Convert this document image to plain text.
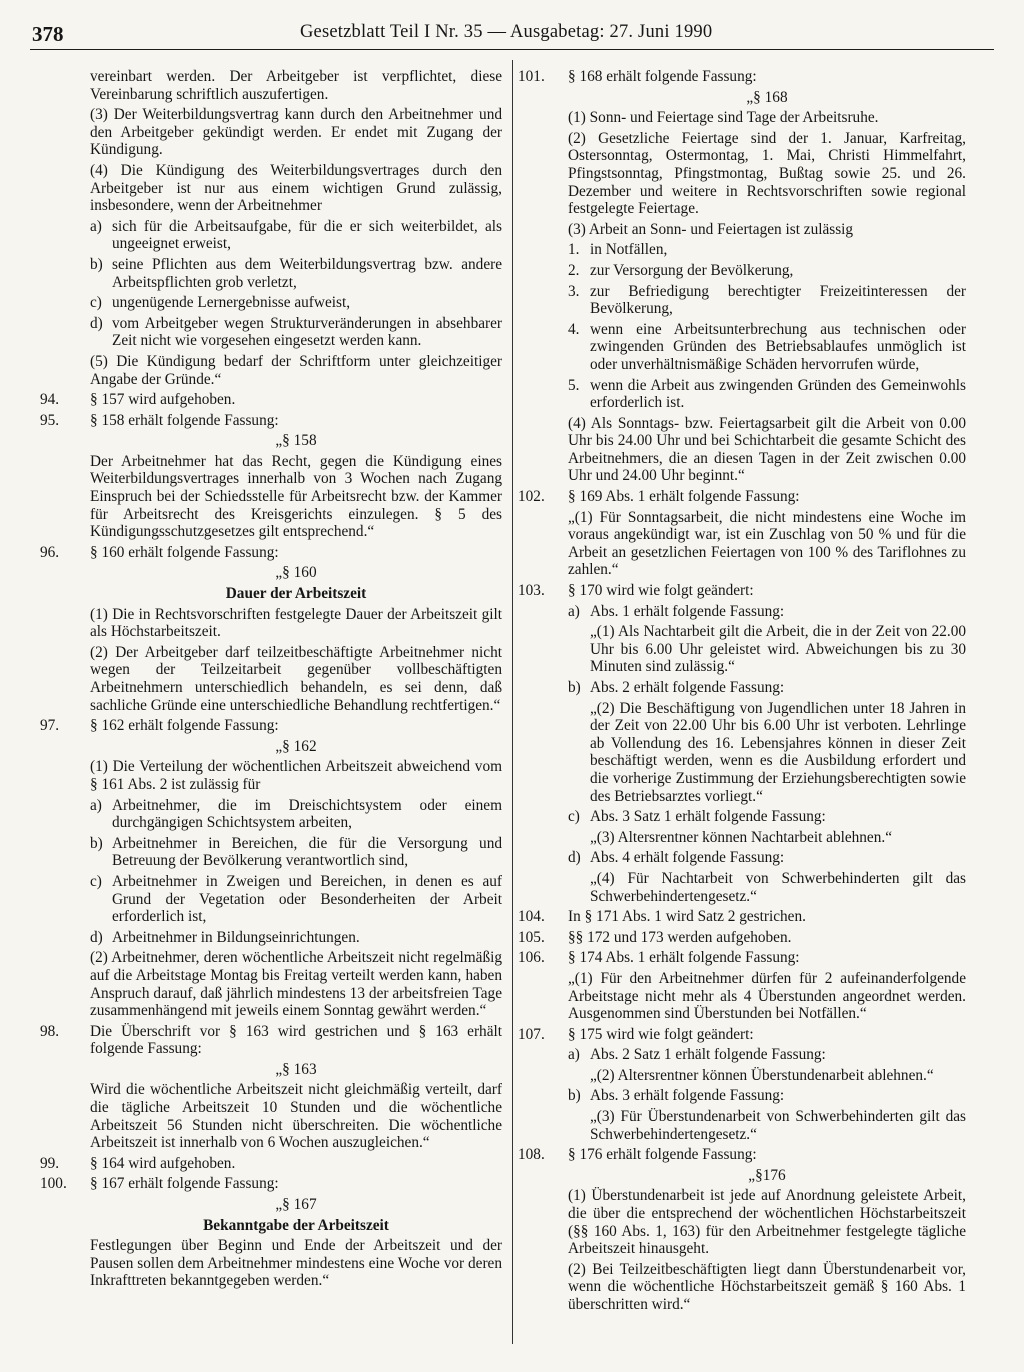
378	Gesetzblatt Teil I Nr. 35 — Ausgabetag: 27. Juni 1990

vereinbart werden. Der Arbeitgeber ist verpflichtet, diese Vereinbarung schriftlich auszufertigen.

(3) Der Weiterbildungsvertrag kann durch den Arbeitnehmer und den Arbeitgeber gekündigt werden. Er endet mit Zugang der Kündigung.

(4) Die Kündigung des Weiterbildungsvertrages durch den Arbeitgeber ist nur aus einem wichtigen Grund zulässig, insbesondere, wenn der Arbeitnehmer

a) sich für die Arbeitsaufgabe, für die er sich weiterbildet, als ungeeignet erweist,
b) seine Pflichten aus dem Weiterbildungsvertrag bzw. andere Arbeitspflichten grob verletzt,
c) ungenügende Lernergebnisse aufweist,
d) vom Arbeitgeber wegen Strukturveränderungen in absehbarer Zeit nicht wie vorgesehen eingesetzt werden kann.

(5) Die Kündigung bedarf der Schriftform unter gleichzeitiger Angabe der Gründe.“

94.	§ 157 wird aufgehoben.
95.	§ 158 erhält folgende Fassung:
„§ 158

Der Arbeitnehmer hat das Recht, gegen die Kündigung eines Weiterbildungsvertrages innerhalb von 3 Wochen nach Zugang Einspruch bei der Schiedsstelle für Arbeitsrecht bzw. der Kammer für Arbeitsrecht des Kreisgerichts einzulegen. § 5 des Kündigungsschutzgesetzes gilt entsprechend.“

96.	§ 160 erhält folgende Fassung:
„§ 160
Dauer der Arbeitszeit

(1) Die in Rechtsvorschriften festgelegte Dauer der Arbeitszeit gilt als Höchstarbeitszeit.

(2) Der Arbeitgeber darf teilzeitbeschäftigte Arbeitnehmer nicht wegen der Teilzeitarbeit gegenüber vollbeschäftigten Arbeitnehmern unterschiedlich behandeln, es sei denn, daß sachliche Gründe eine unterschiedliche Behandlung rechtfertigen.“

97.	§ 162 erhält folgende Fassung:
„§ 162

(1) Die Verteilung der wöchentlichen Arbeitszeit abweichend vom § 161 Abs. 2 ist zulässig für

a) Arbeitnehmer, die im Dreischichtsystem oder einem durchgängigen Schichtsystem arbeiten,
b) Arbeitnehmer in Bereichen, die für die Versorgung und Betreuung der Bevölkerung verantwortlich sind,
c) Arbeitnehmer in Zweigen und Bereichen, in denen es auf Grund der Vegetation oder Besonderheiten der Arbeit erforderlich ist,
d) Arbeitnehmer in Bildungseinrichtungen.

(2) Arbeitnehmer, deren wöchentliche Arbeitszeit nicht regelmäßig auf die Arbeitstage Montag bis Freitag verteilt werden kann, haben Anspruch darauf, daß jährlich mindestens 13 der arbeitsfreien Tage zusammenhängend mit jeweils einem Sonntag gewährt werden.“

98.	Die Überschrift vor § 163 wird gestrichen und § 163 erhält folgende Fassung:
„§ 163

Wird die wöchentliche Arbeitszeit nicht gleichmäßig verteilt, darf die tägliche Arbeitszeit 10 Stunden und die wöchentliche Arbeitszeit 56 Stunden nicht überschreiten. Die wöchentliche Arbeitszeit ist innerhalb von 6 Wochen auszugleichen.“

99.	§ 164 wird aufgehoben.
100.	§ 167 erhält folgende Fassung:
„§ 167
Bekanntgabe der Arbeitszeit

Festlegungen über Beginn und Ende der Arbeitszeit und der Pausen sollen dem Arbeitnehmer mindestens eine Woche vor deren Inkrafttreten bekanntgegeben werden.“

101.	§ 168 erhält folgende Fassung:
„§ 168

(1) Sonn- und Feiertage sind Tage der Arbeitsruhe.

(2) Gesetzliche Feiertage sind der 1. Januar, Karfreitag, Ostersonntag, Ostermontag, 1. Mai, Christi Himmelfahrt, Pfingstsonntag, Pfingstmontag, Bußtag sowie 25. und 26. Dezember und weitere in Rechtsvorschriften sowie regional festgelegte Feiertage.

(3) Arbeit an Sonn- und Feiertagen ist zulässig

1. in Notfällen,
2. zur Versorgung der Bevölkerung,
3. zur Befriedigung berechtigter Freizeitinteressen der Bevölkerung,
4. wenn eine Arbeitsunterbrechung aus technischen oder zwingenden Gründen des Betriebsablaufes unmöglich ist oder unverhältnismäßige Schäden hervorrufen würde,
5. wenn die Arbeit aus zwingenden Gründen des Gemeinwohls erforderlich ist.

(4) Als Sonntags- bzw. Feiertagsarbeit gilt die Arbeit von 0.00 Uhr bis 24.00 Uhr und bei Schichtarbeit die gesamte Schicht des Arbeitnehmers, die an diesen Tagen in der Zeit zwischen 0.00 Uhr und 24.00 Uhr beginnt.“

102.	§ 169 Abs. 1 erhält folgende Fassung:

„(1) Für Sonntagsarbeit, die nicht mindestens eine Woche im voraus angekündigt war, ist ein Zuschlag von 50 % und für die Arbeit an gesetzlichen Feiertagen von 100 % des Tariflohnes zu zahlen.“

103.	§ 170 wird wie folgt geändert:
a) Abs. 1 erhält folgende Fassung:

„(1) Als Nachtarbeit gilt die Arbeit, die in der Zeit von 22.00 Uhr bis 6.00 Uhr geleistet wird. Abweichungen bis zu 30 Minuten sind zulässig.“

b) Abs. 2 erhält folgende Fassung:

„(2) Die Beschäftigung von Jugendlichen unter 18 Jahren in der Zeit von 22.00 Uhr bis 6.00 Uhr ist verboten. Lehrlinge ab Vollendung des 16. Lebensjahres können in dieser Zeit beschäftigt werden, wenn es die Ausbildung erfordert und die vorherige Zustimmung der Erziehungsberechtigten sowie des Betriebsarztes vorliegt.“

c) Abs. 3 Satz 1 erhält folgende Fassung:

„(3) Altersrentner können Nachtarbeit ablehnen.“

d) Abs. 4 erhält folgende Fassung:

„(4) Für Nachtarbeit von Schwerbehinderten gilt das Schwerbehindertengesetz.“

104.	In § 171 Abs. 1 wird Satz 2 gestrichen.
105.	§§ 172 und 173 werden aufgehoben.
106.	§ 174 Abs. 1 erhält folgende Fassung:

„(1) Für den Arbeitnehmer dürfen für 2 aufeinanderfolgende Arbeitstage nicht mehr als 4 Überstunden angeordnet werden. Ausgenommen sind Überstunden bei Notfällen.“

107.	§ 175 wird wie folgt geändert:
a) Abs. 2 Satz 1 erhält folgende Fassung:

„(2) Altersrentner können Überstundenarbeit ablehnen.“

b) Abs. 3 erhält folgende Fassung:

„(3) Für Überstundenarbeit von Schwerbehinderten gilt das Schwerbehindertengesetz.“

108.	§ 176 erhält folgende Fassung:
„§176

(1) Überstundenarbeit ist jede auf Anordnung geleistete Arbeit, die über die entsprechend der wöchentlichen Höchstarbeitszeit (§§ 160 Abs. 1, 163) für den Arbeitnehmer festgelegte tägliche Arbeitszeit hinausgeht.

(2) Bei Teilzeitbeschäftigten liegt dann Überstundenarbeit vor, wenn die wöchentliche Höchstarbeitszeit gemäß § 160 Abs. 1 überschritten wird.“
